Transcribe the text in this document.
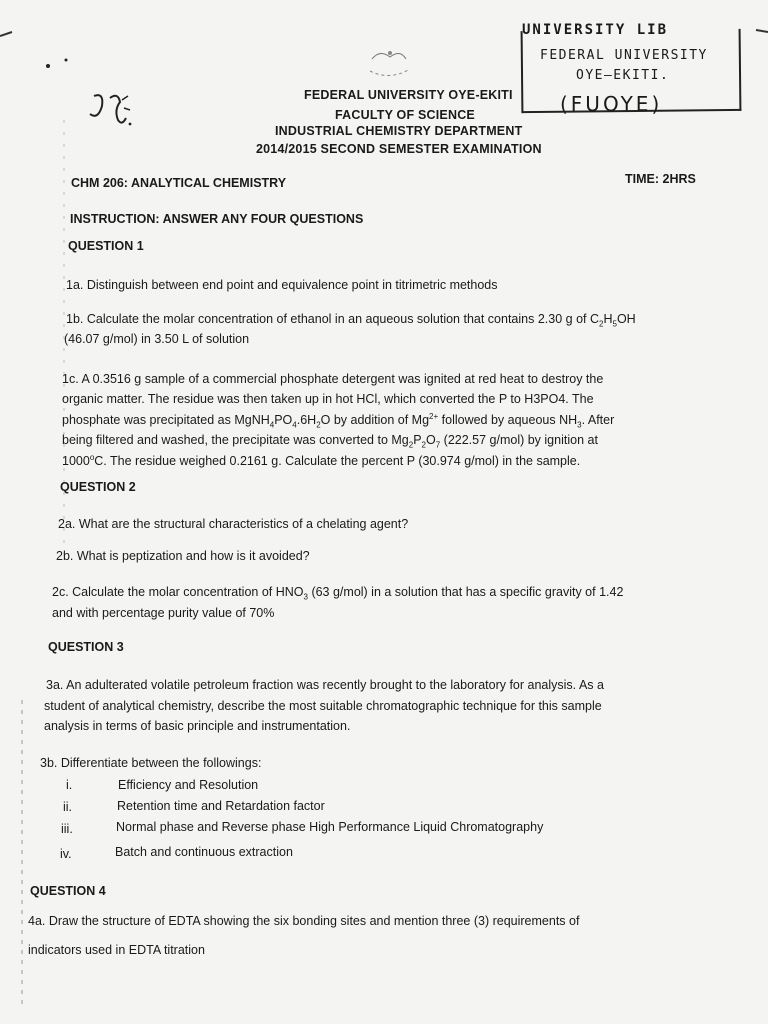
FEDERAL UNIVERSITY OYE-EKITI
FACULTY OF SCIENCE
INDUSTRIAL CHEMISTRY DEPARTMENT
2014/2015 SECOND SEMESTER EXAMINATION
UNIVERSITY LIB
FEDERAL UNIVERSITY
OYE–EKITI.
(FUOYE)
CHM 206: ANALYTICAL CHEMISTRY	TIME: 2HRS
INSTRUCTION: ANSWER ANY FOUR QUESTIONS
QUESTION 1
1a. Distinguish between end point and equivalence point in titrimetric methods
1b. Calculate the molar concentration of ethanol in an aqueous solution that contains 2.30 g of $C_2H_5OH$
(46.07 g/mol) in 3.50 L of solution
1c. A 0.3516 g sample of a commercial phosphate detergent was ignited at red heat to destroy the
organic matter. The residue was then taken up in hot HCl, which converted the P to H3PO4. The
phosphate was precipitated as $MgNH_4PO_4.6H_2O$ by addition of $Mg^{2+}$ followed by aqueous $NH_3$. After
being filtered and washed, the precipitate was converted to $Mg_2P_2O_7$ (222.57 g/mol) by ignition at
1000$^o$C. The residue weighed 0.2161 g. Calculate the percent P (30.974 g/mol) in the sample.
QUESTION 2
2a. What are the structural characteristics of a chelating agent?
2b. What is peptization and how is it avoided?
2c. Calculate the molar concentration of $HNO_3$ (63 g/mol) in a solution that has a specific gravity of 1.42
and with percentage purity value of 70%
QUESTION 3
3a. An adulterated volatile petroleum fraction was recently brought to the laboratory for analysis. As a
student of analytical chemistry, describe the most suitable chromatographic technique for this sample
analysis in terms of basic principle and instrumentation.
3b. Differentiate between the followings:
i.	Efficiency and Resolution
ii.	Retention time and Retardation factor
iii.	Normal phase and Reverse phase High Performance Liquid Chromatography
iv.	Batch and continuous extraction
QUESTION 4
4a. Draw the structure of EDTA showing the six bonding sites and mention three (3) requirements of
indicators used in EDTA titration
